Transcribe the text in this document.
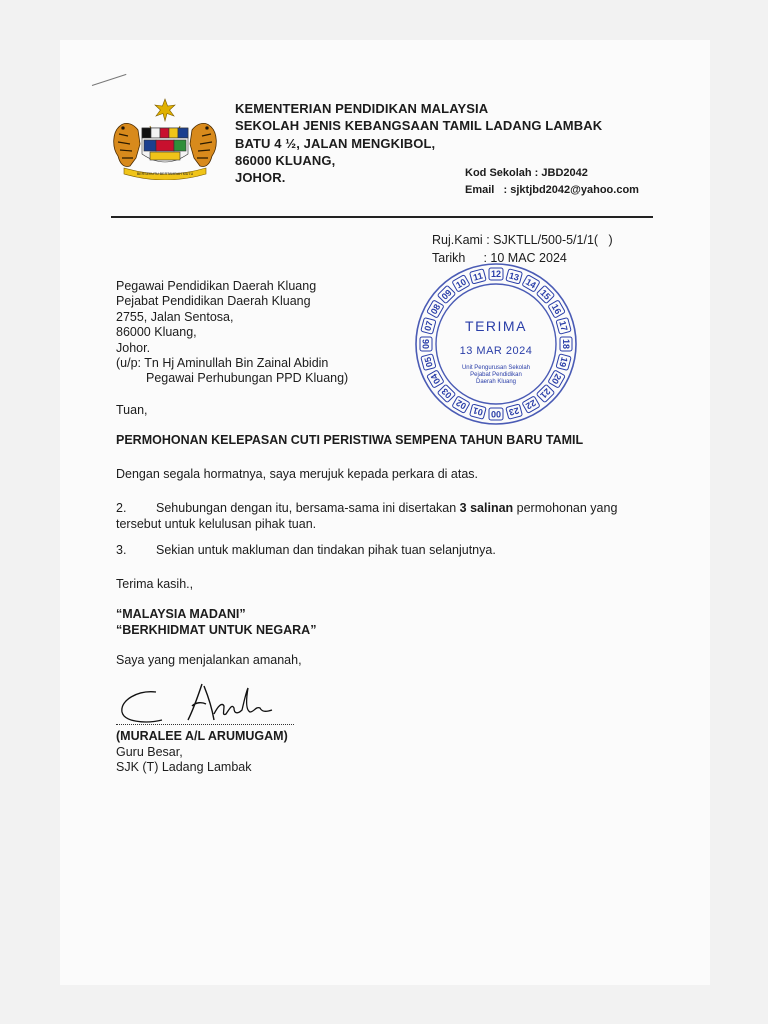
BERSEKUTU BERTAMBAH MUTU
KEMENTERIAN PENDIDIKAN MALAYSIA
SEKOLAH JENIS KEBANGSAAN TAMIL LADANG LAMBAK
BATU 4 ½, JALAN MENGKIBOL,
86000 KLUANG,
JOHOR.	Kod Sekolah : JBD2042
Email   : sjktjbd2042@yahoo.com
Ruj.Kami : SJKTLL/500-5/1/1(   )
Tarikh : 10 MAC 2024
12 13
14
15
16
17
18
19
20
21
22
23
00
01
02
03
04
05
06
07
08
09
10
11
TERIMA
13 MAR 2024
Unit Pengurusan Sekolah
Pejabat Pendidikan
Daerah Kluang
Pegawai Pendidikan Daerah Kluang
Pejabat Pendidikan Daerah Kluang
2755, Jalan Sentosa,
86000 Kluang,
Johor.
(u/p: Tn Hj Aminullah Bin Zainal Abidin
Pegawai Perhubungan PPD Kluang)
Tuan,
PERMOHONAN KELEPASAN CUTI PERISTIWA SEMPENA TAHUN BARU TAMIL
Dengan segala hormatnya, saya merujuk kepada perkara di atas.
2. Sehubungan dengan itu, bersama-sama ini disertakan 3 salinan permohonan yang
tersebut untuk kelulusan pihak tuan.
3. Sekian untuk makluman dan tindakan pihak tuan selanjutnya.
Terima kasih.,
“MALAYSIA MADANI”
“BERKHIDMAT UNTUK NEGARA”
Saya yang menjalankan amanah,
(MURALEE A/L ARUMUGAM)
Guru Besar,
SJK (T) Ladang Lambak
